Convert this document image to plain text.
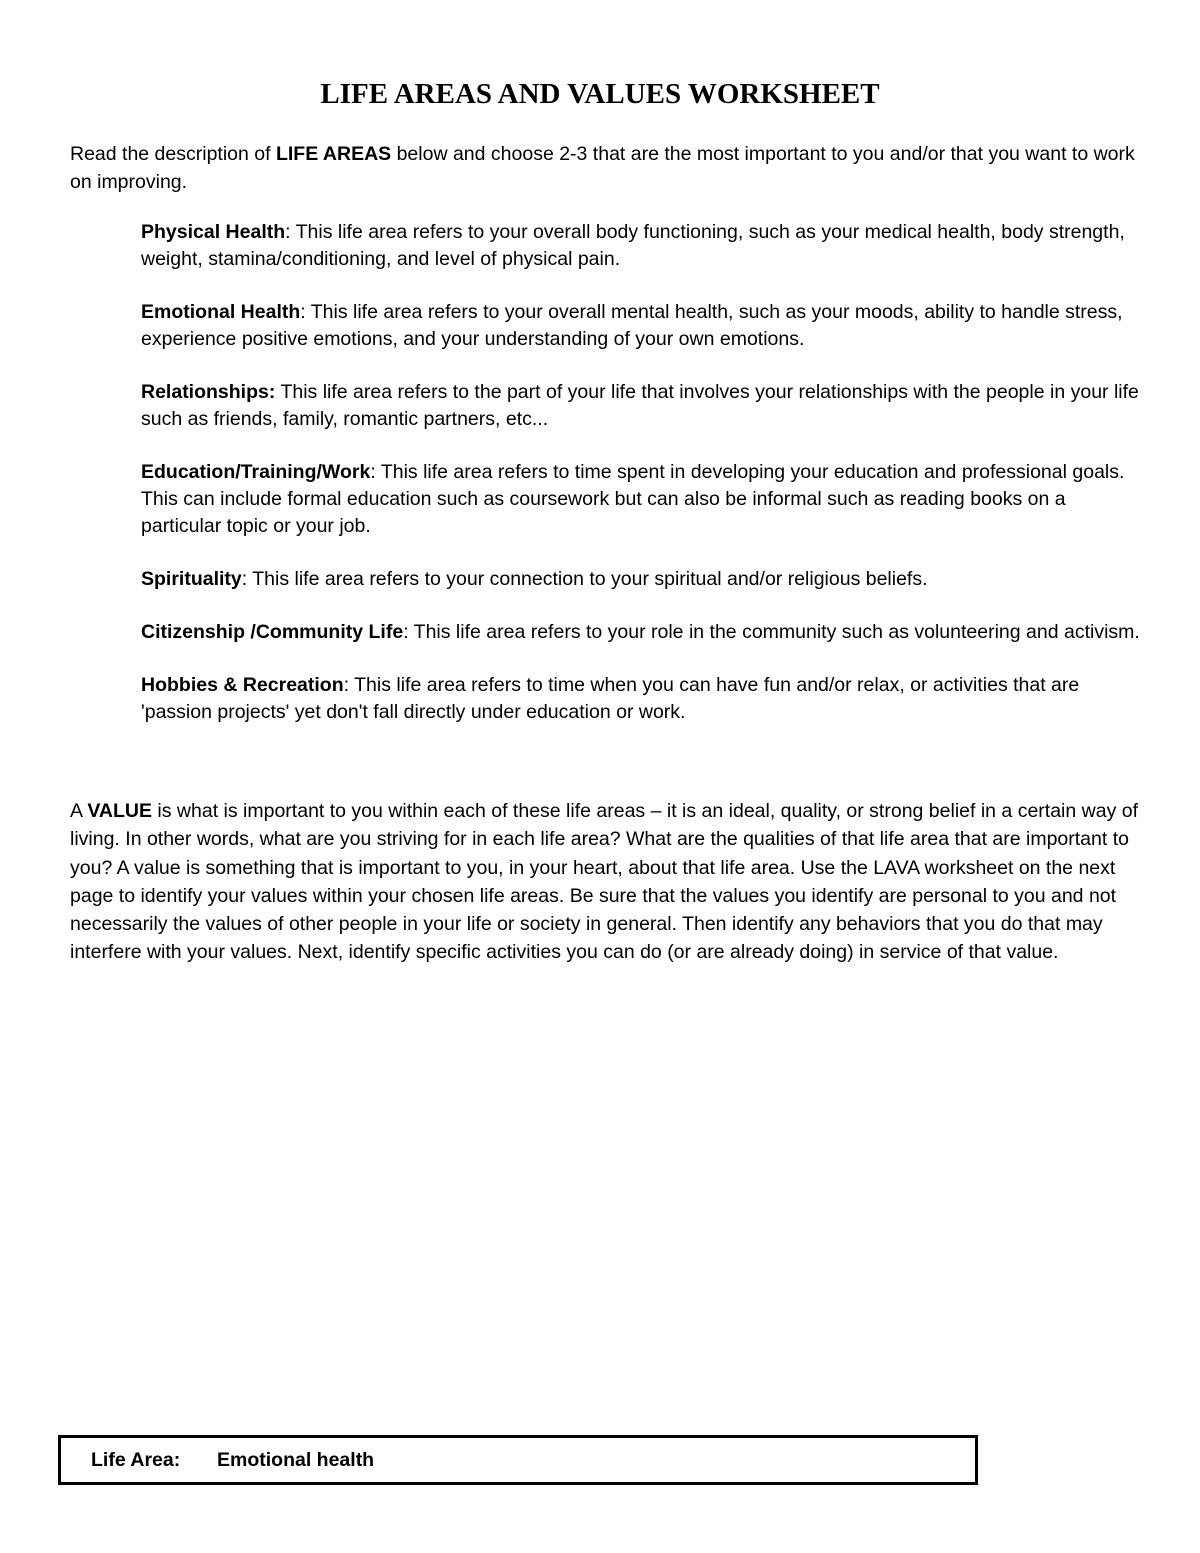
LIFE AREAS AND VALUES WORKSHEET

Read the description of LIFE AREAS below and choose 2-3 that are the most important to you and/or that you want to work on improving.

Physical Health: This life area refers to your overall body functioning, such as your medical health, body strength, weight, stamina/conditioning, and level of physical pain.
Emotional Health: This life area refers to your overall mental health, such as your moods, ability to handle stress, experience positive emotions, and your understanding of your own emotions.
Relationships: This life area refers to the part of your life that involves your relationships with the people in your life such as friends, family, romantic partners, etc...
Education/Training/Work: This life area refers to time spent in developing your education and professional goals. This can include formal education such as coursework but can also be informal such as reading books on a particular topic or your job.
Spirituality: This life area refers to your connection to your spiritual and/or religious beliefs.
Citizenship /Community Life: This life area refers to your role in the community such as volunteering and activism.
Hobbies & Recreation: This life area refers to time when you can have fun and/or relax, or activities that are 'passion projects' yet don't fall directly under education or work.

A VALUE is what is important to you within each of these life areas – it is an ideal, quality, or strong belief in a certain way of living. In other words, what are you striving for in each life area? What are the qualities of that life area that are important to you? A value is something that is important to you, in your heart, about that life area. Use the LAVA worksheet on the next page to identify your values within your chosen life areas. Be sure that the values you identify are personal to you and not necessarily the values of other people in your life or society in general. Then identify any behaviors that you do that may interfere with your values. Next, identify specific activities you can do (or are already doing) in service of that value.

Life Area: Emotional health
